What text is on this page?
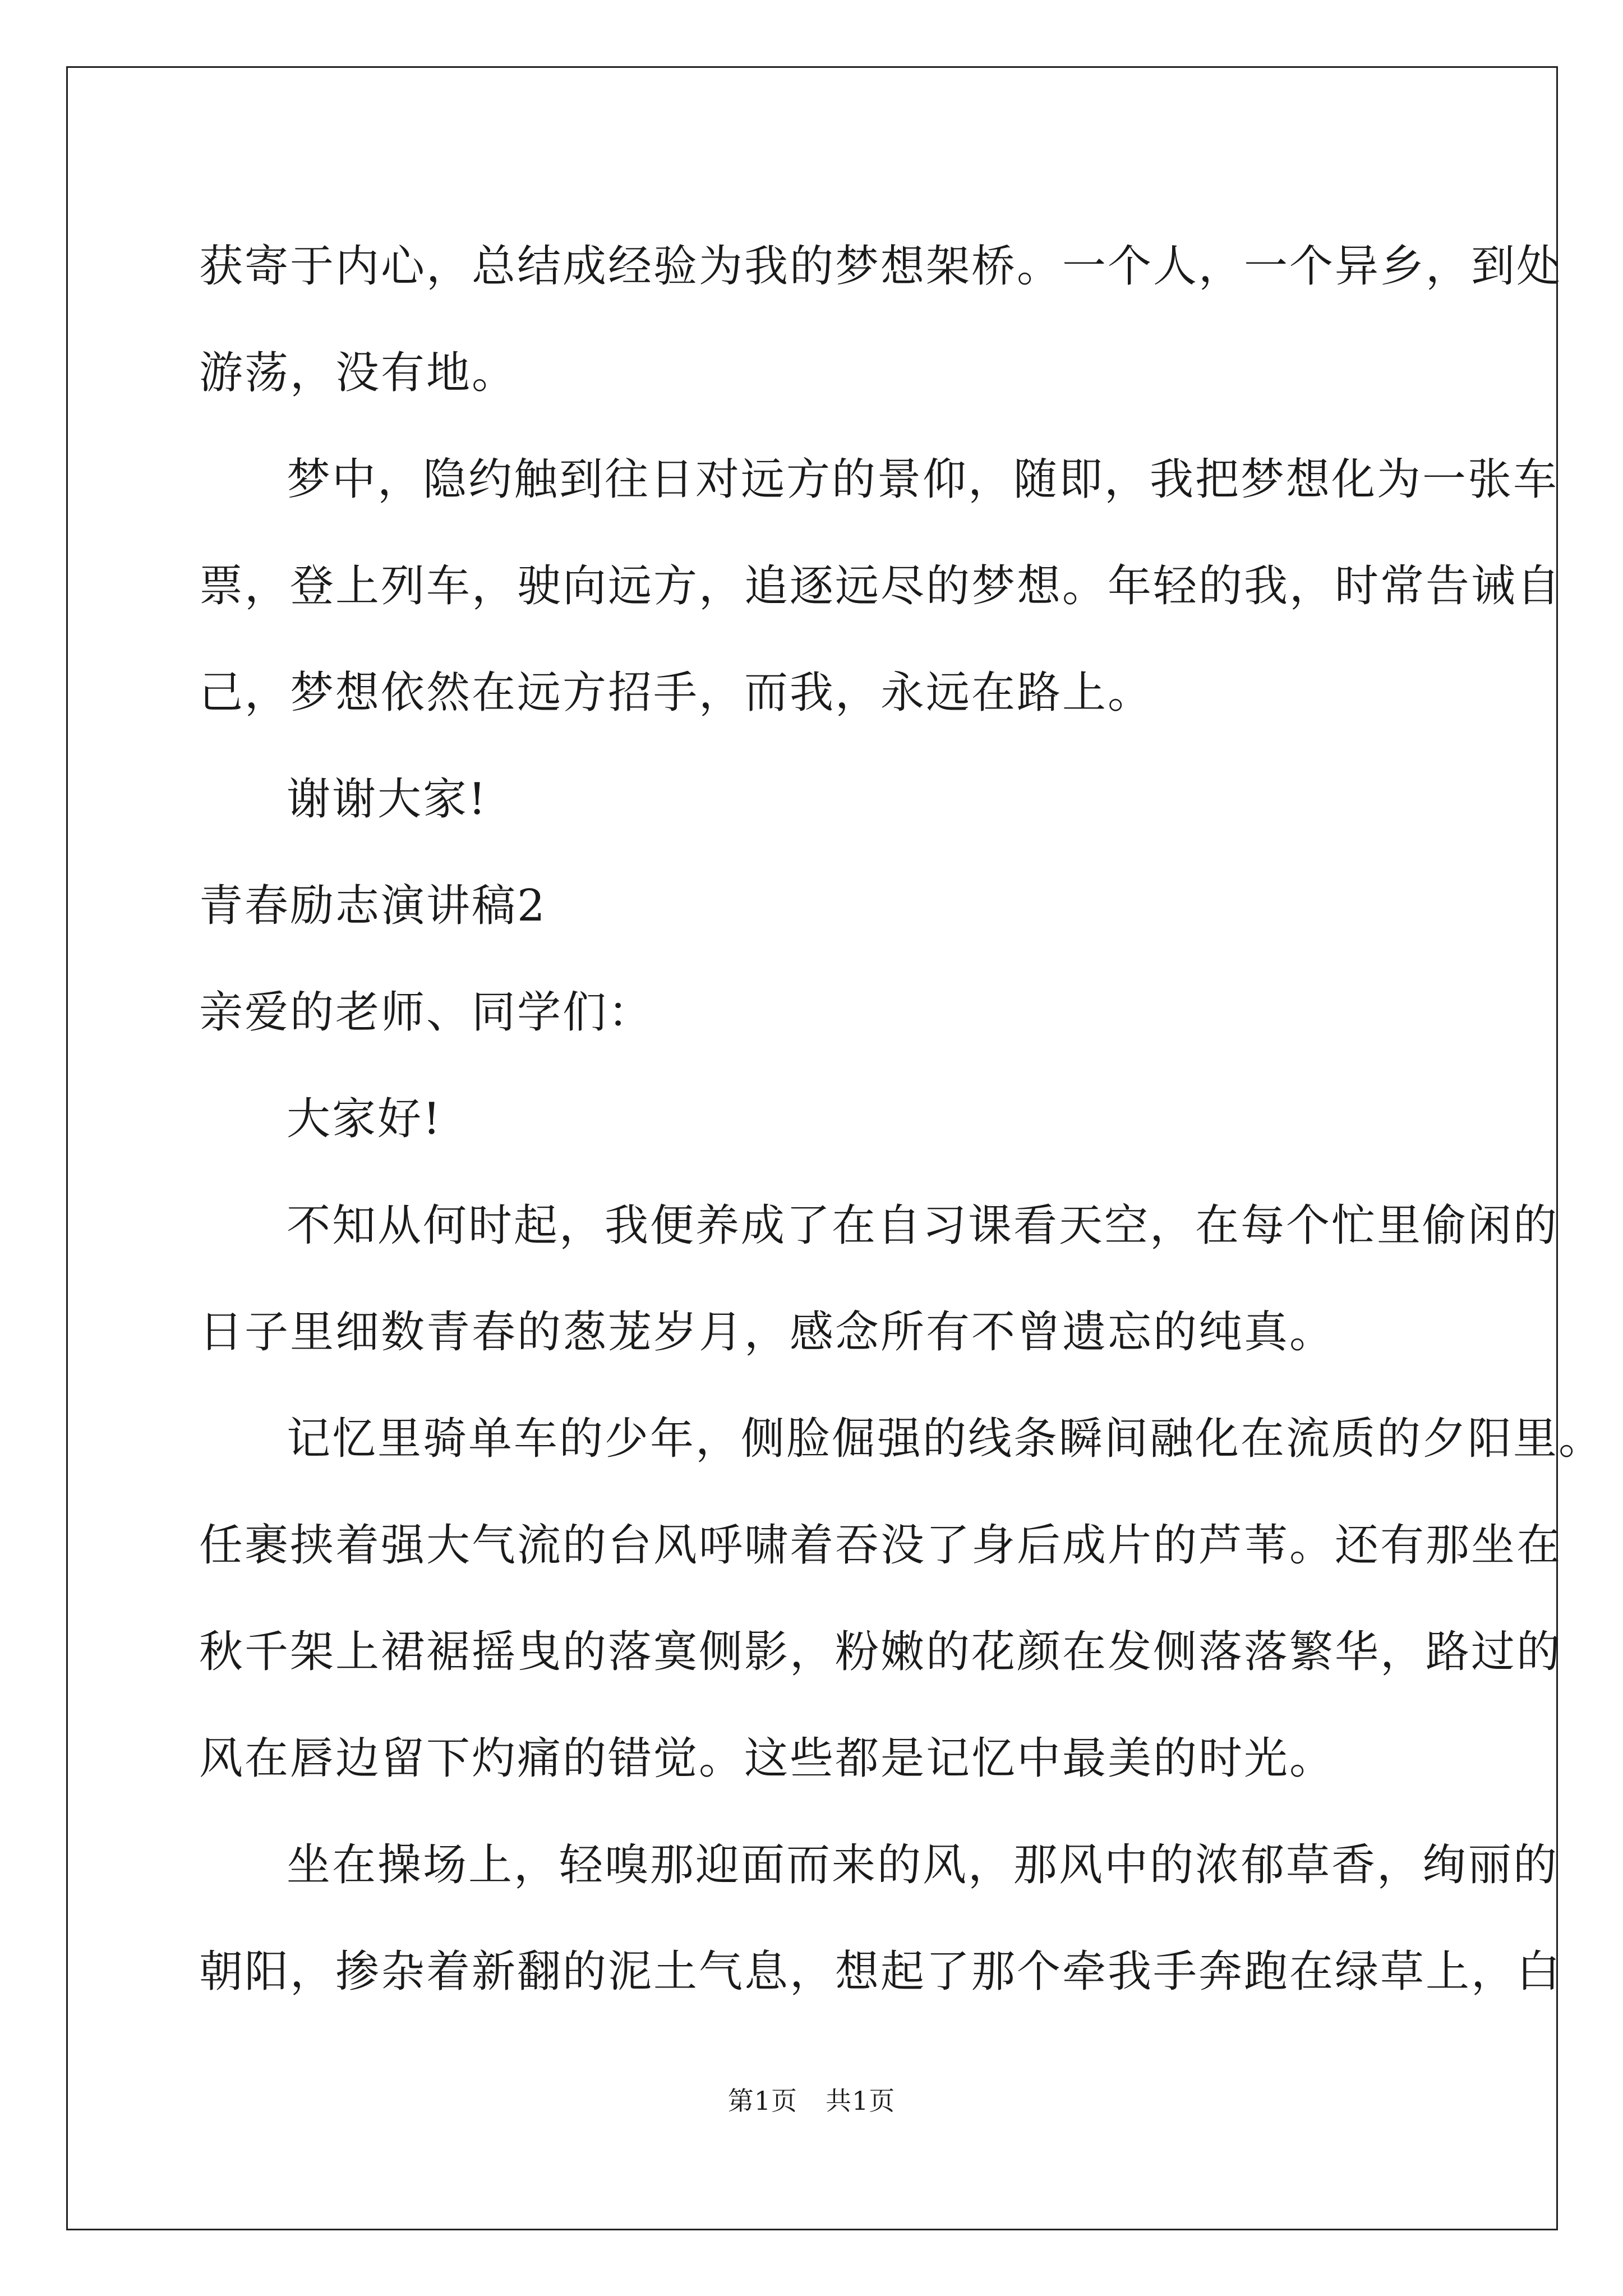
获寄于内心，总结成经验为我的梦想架桥。一个人，一个异乡，到处

游荡，没有地。

梦中，隐约触到往日对远方的景仰，随即，我把梦想化为一张车

票，登上列车，驶向远方，追逐远尽的梦想。年轻的我，时常告诫自

己，梦想依然在远方招手，而我，永远在路上。

谢谢大家!

青春励志演讲稿2

亲爱的老师、同学们：

大家好!

不知从何时起，我便养成了在自习课看天空，在每个忙里偷闲的

日子里细数青春的葱茏岁月，感念所有不曾遗忘的纯真。

记忆里骑单车的少年，侧脸倔强的线条瞬间融化在流质的夕阳里。

任裹挟着强大气流的台风呼啸着吞没了身后成片的芦苇。还有那坐在

秋千架上裙裾摇曳的落寞侧影，粉嫩的花颜在发侧落落繁华，路过的

风在唇边留下灼痛的错觉。这些都是记忆中最美的时光。

坐在操场上，轻嗅那迎面而来的风，那风中的浓郁草香，绚丽的

朝阳，掺杂着新翻的泥土气息，想起了那个牵我手奔跑在绿草上，白

第1页 共1页
